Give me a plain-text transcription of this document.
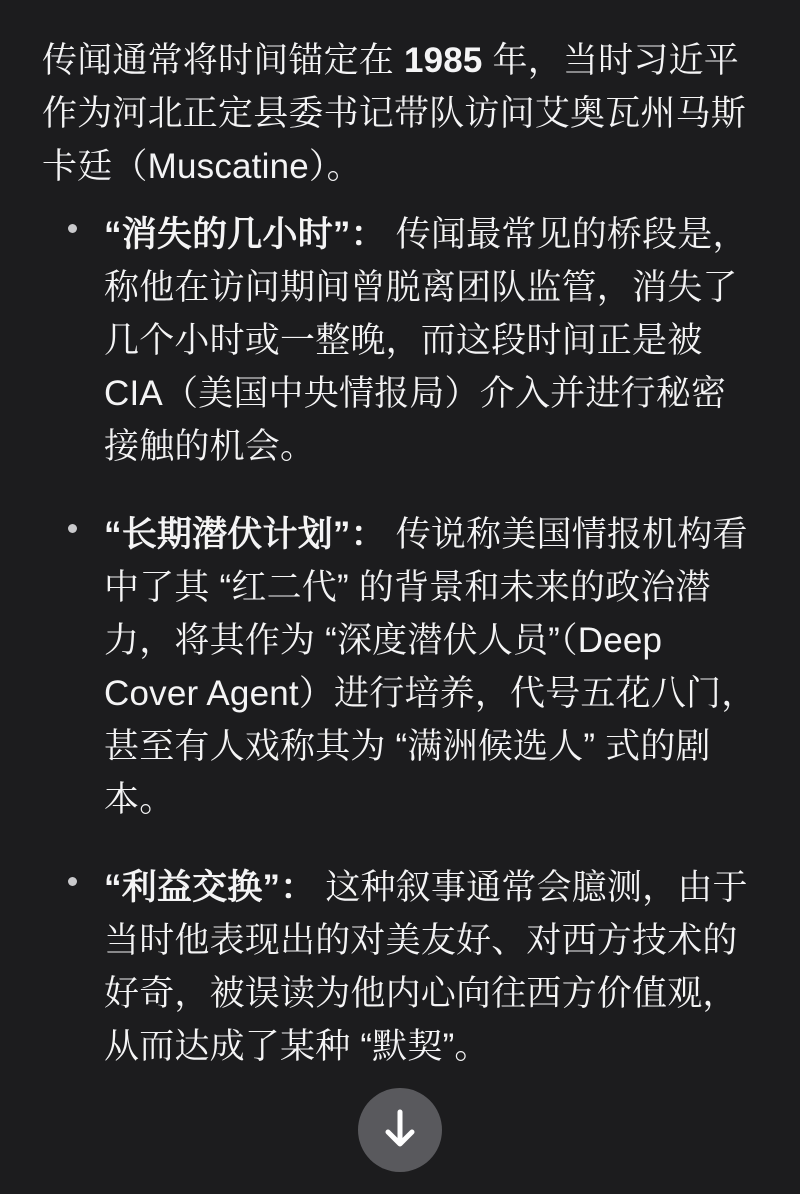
传闻通常将时间锚定在 1985 年，当时习近平作为河北正定县委书记带队访问艾奥瓦州马斯卡廷（Muscatine）。

“消失的几小时”： 传闻最常见的桥段是，称他在访问期间曾脱离团队监管，消失了几个小时或一整晚，而这段时间正是被 CIA（美国中央情报局）介入并进行秘密接触的机会。
“长期潜伏计划”： 传说称美国情报机构看中了其 “红二代” 的背景和未来的政治潜力，将其作为 “深度潜伏人员”（Deep Cover Agent）进行培养，代号五花八门，甚至有人戏称其为 “满洲候选人” 式的剧本。
“利益交换”： 这种叙事通常会臆测，由于当时他表现出的对美友好、对西方技术的好奇，被误读为他内心向往西方价值观，从而达成了某种 “默契”。
